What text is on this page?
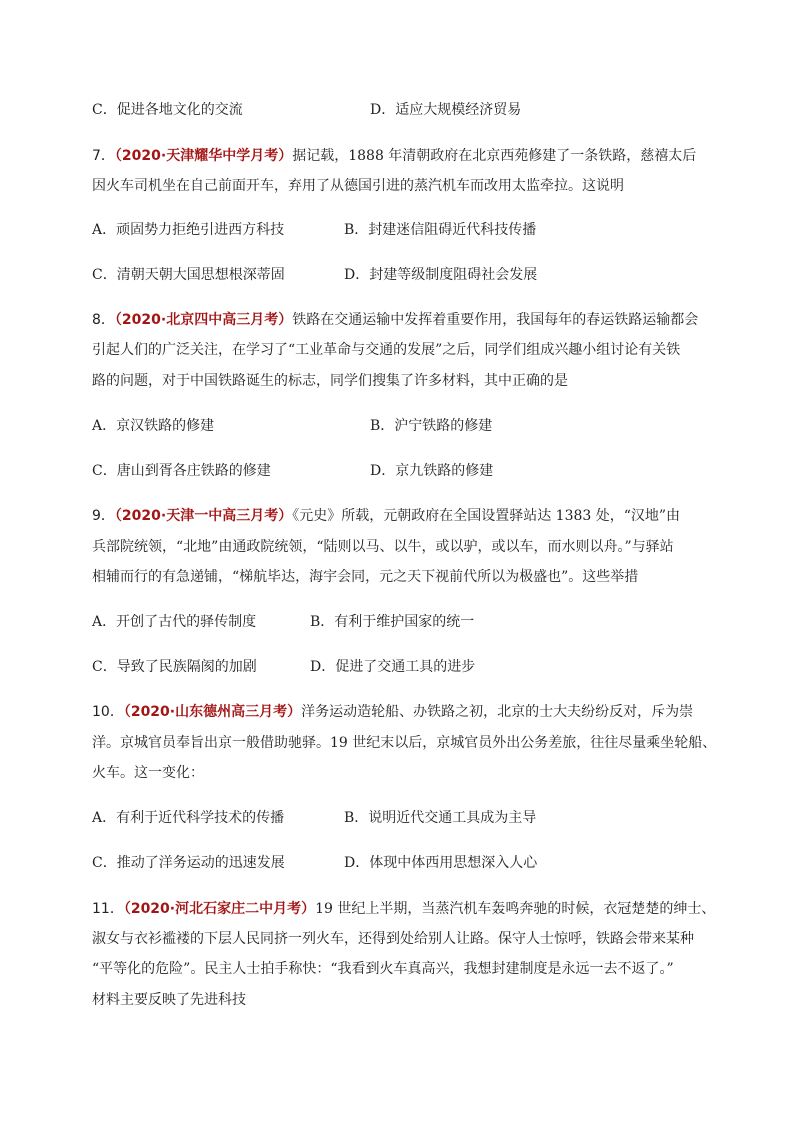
C．促进各地文化的交流	D．适应大规模经济贸易
7．（2020·天津耀华中学月考）据记载，1888 年清朝政府在北京西苑修建了一条铁路，慈禧太后
因火车司机坐在自己前面开车，弃用了从德国引进的蒸汽机车而改用太监牵拉。这说明
A．顽固势力拒绝引进西方科技	B．封建迷信阻碍近代科技传播
C．清朝天朝大国思想根深蒂固	D．封建等级制度阻碍社会发展
8．（2020·北京四中高三月考）铁路在交通运输中发挥着重要作用，我国每年的春运铁路运输都会
引起人们的广泛关注，在学习了“工业革命与交通的发展”之后，同学们组成兴趣小组讨论有关铁
路的问题，对于中国铁路诞生的标志，同学们搜集了许多材料，其中正确的是
A．京汉铁路的修建	B．沪宁铁路的修建
C．唐山到胥各庄铁路的修建	D．京九铁路的修建
9．（2020·天津一中高三月考）《元史》所载，元朝政府在全国设置驿站达 1383 处，“汉地”由
兵部院统领，“北地”由通政院统领，“陆则以马、以牛，或以驴，或以车，而水则以舟。”与驿站
相辅而行的有急递铺，“梯航毕达，海宇会同，元之天下视前代所以为极盛也”。这些举措
A．开创了古代的驿传制度	B．有利于维护国家的统一
C．导致了民族隔阂的加剧	D．促进了交通工具的进步
10．（2020·山东德州高三月考）洋务运动造轮船、办铁路之初，北京的士大夫纷纷反对，斥为崇
洋。京城官员奉旨出京一般借助驰驿。19 世纪末以后，京城官员外出公务差旅，往往尽量乘坐轮船、
火车。这一变化：
A．有利于近代科学技术的传播	B．说明近代交通工具成为主导
C．推动了洋务运动的迅速发展	D．体现中体西用思想深入人心
11．（2020·河北石家庄二中月考）19 世纪上半期，当蒸汽机车轰鸣奔驰的时候，衣冠楚楚的绅士、
淑女与衣衫褴褛的下层人民同挤一列火车，还得到处给别人让路。保守人士惊呼，铁路会带来某种
“平等化的危险”。民主人士拍手称快：“我看到火车真高兴，我想封建制度是永远一去不返了。”
材料主要反映了先进科技
